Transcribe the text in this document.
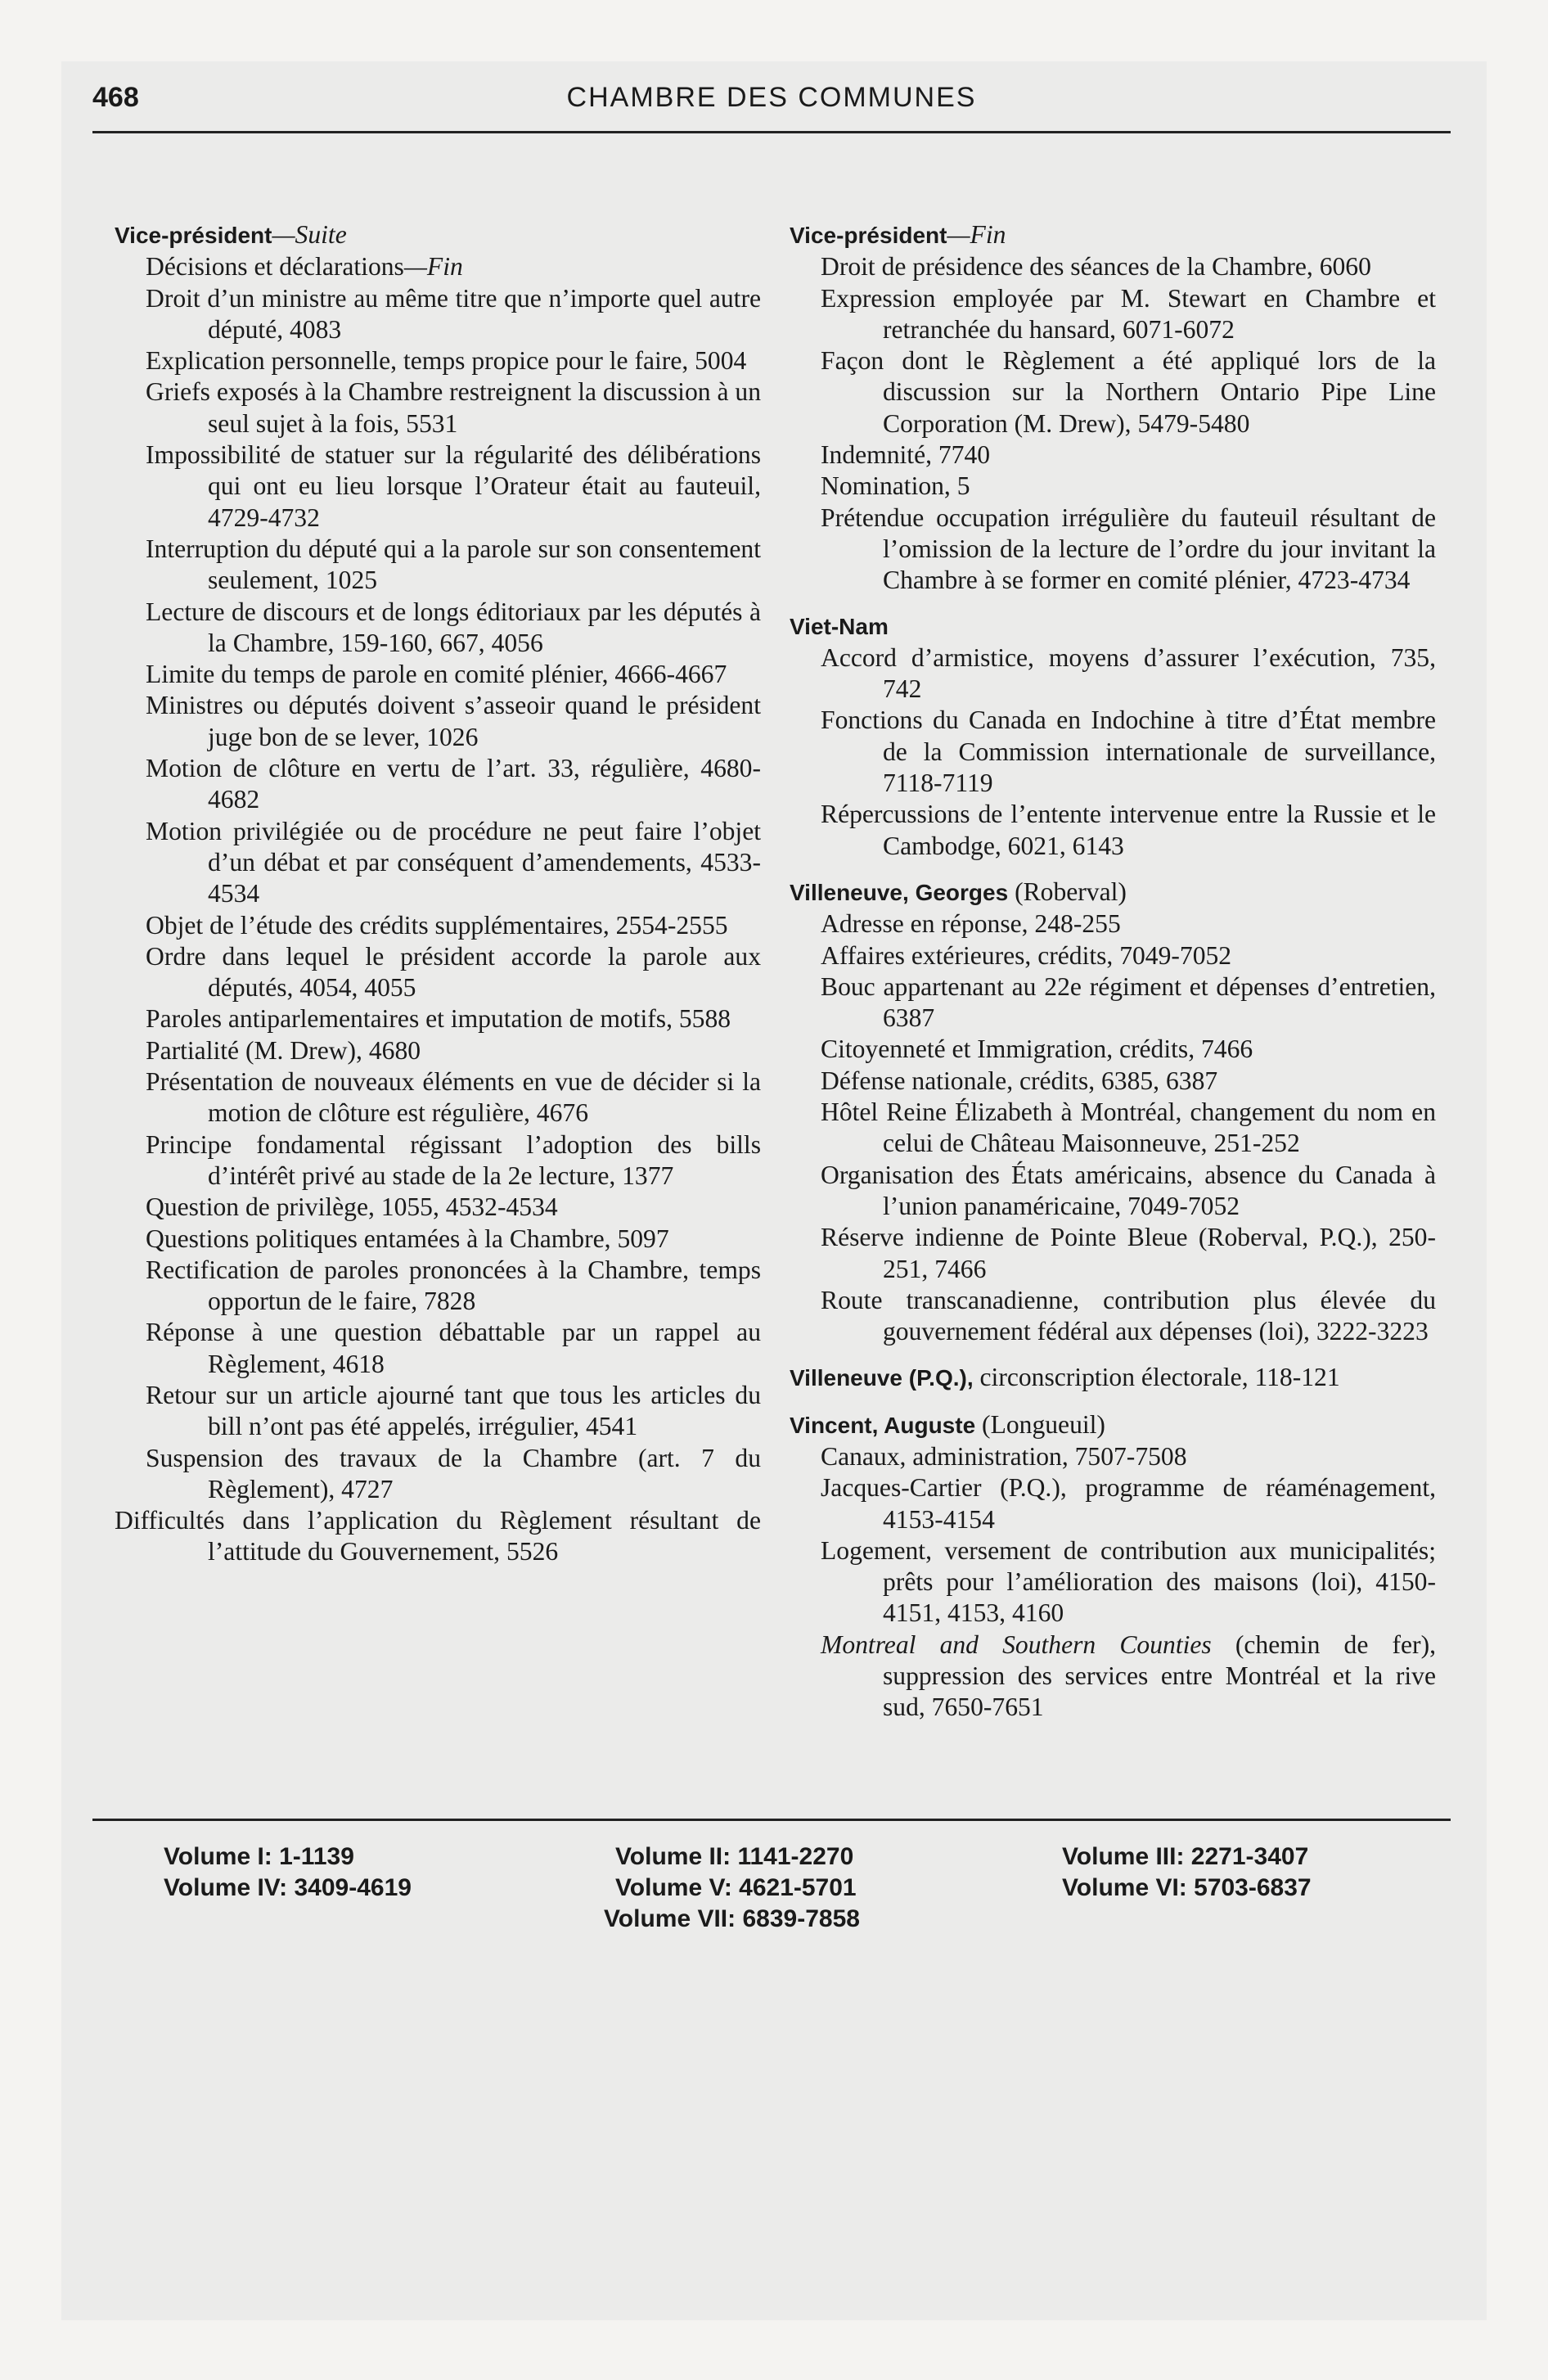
468	CHAMBRE DES COMMUNES

Vice-président—Suite

Décisions et déclarations—Fin

Droit d’un ministre au même titre que n’importe quel autre député, 4083

Explication personnelle, temps propice pour le faire, 5004

Griefs exposés à la Chambre restreignent la discussion à un seul sujet à la fois, 5531

Impossibilité de statuer sur la régularité des délibérations qui ont eu lieu lorsque l’Orateur était au fauteuil, 4729-4732

Interruption du député qui a la parole sur son consentement seulement, 1025

Lecture de discours et de longs éditoriaux par les députés à la Chambre, 159-160, 667, 4056

Limite du temps de parole en comité plénier, 4666-4667

Ministres ou députés doivent s’asseoir quand le président juge bon de se lever, 1026

Motion de clôture en vertu de l’art. 33, régulière, 4680-4682

Motion privilégiée ou de procédure ne peut faire l’objet d’un débat et par conséquent d’amendements, 4533-4534

Objet de l’étude des crédits supplémentaires, 2554-2555

Ordre dans lequel le président accorde la parole aux députés, 4054, 4055

Paroles antiparlementaires et imputation de motifs, 5588

Partialité (M. Drew), 4680

Présentation de nouveaux éléments en vue de décider si la motion de clôture est régulière, 4676

Principe fondamental régissant l’adoption des bills d’intérêt privé au stade de la 2e lecture, 1377

Question de privilège, 1055, 4532-4534

Questions politiques entamées à la Chambre, 5097

Rectification de paroles prononcées à la Chambre, temps opportun de le faire, 7828

Réponse à une question débattable par un rappel au Règlement, 4618

Retour sur un article ajourné tant que tous les articles du bill n’ont pas été appelés, irrégulier, 4541

Suspension des travaux de la Chambre (art. 7 du Règlement), 4727

Difficultés dans l’application du Règlement résultant de l’attitude du Gouvernement, 5526

Vice-président—Fin

Droit de présidence des séances de la Chambre, 6060

Expression employée par M. Stewart en Chambre et retranchée du hansard, 6071-6072

Façon dont le Règlement a été appliqué lors de la discussion sur la Northern Ontario Pipe Line Corporation (M. Drew), 5479-5480

Indemnité, 7740

Nomination, 5

Prétendue occupation irrégulière du fauteuil résultant de l’omission de la lecture de l’ordre du jour invitant la Chambre à se former en comité plénier, 4723-4734

Viet-Nam

Accord d’armistice, moyens d’assurer l’exécution, 735, 742

Fonctions du Canada en Indochine à titre d’État membre de la Commission internationale de surveillance, 7118-7119

Répercussions de l’entente intervenue entre la Russie et le Cambodge, 6021, 6143

Villeneuve, Georges (Roberval)

Adresse en réponse, 248-255

Affaires extérieures, crédits, 7049-7052

Bouc appartenant au 22e régiment et dépenses d’entretien, 6387

Citoyenneté et Immigration, crédits, 7466

Défense nationale, crédits, 6385, 6387

Hôtel Reine Élizabeth à Montréal, changement du nom en celui de Château Maisonneuve, 251-252

Organisation des États américains, absence du Canada à l’union panaméricaine, 7049-7052

Réserve indienne de Pointe Bleue (Roberval, P.Q.), 250-251, 7466

Route transcanadienne, contribution plus élevée du gouvernement fédéral aux dépenses (loi), 3222-3223

Villeneuve (P.Q.), circonscription électorale, 118-121

Vincent, Auguste (Longueuil)

Canaux, administration, 7507-7508

Jacques-Cartier (P.Q.), programme de réaménagement, 4153-4154

Logement, versement de contribution aux municipalités; prêts pour l’amélioration des maisons (loi), 4150-4151, 4153, 4160

Montreal and Southern Counties (chemin de fer), suppression des services entre Montréal et la rive sud, 7650-7651

Volume I: 1-1139	Volume II: 1141-2270	Volume III: 2271-3407
Volume IV: 3409-4619	Volume V: 4621-5701	Volume VI: 5703-6837
Volume VII: 6839-7858
